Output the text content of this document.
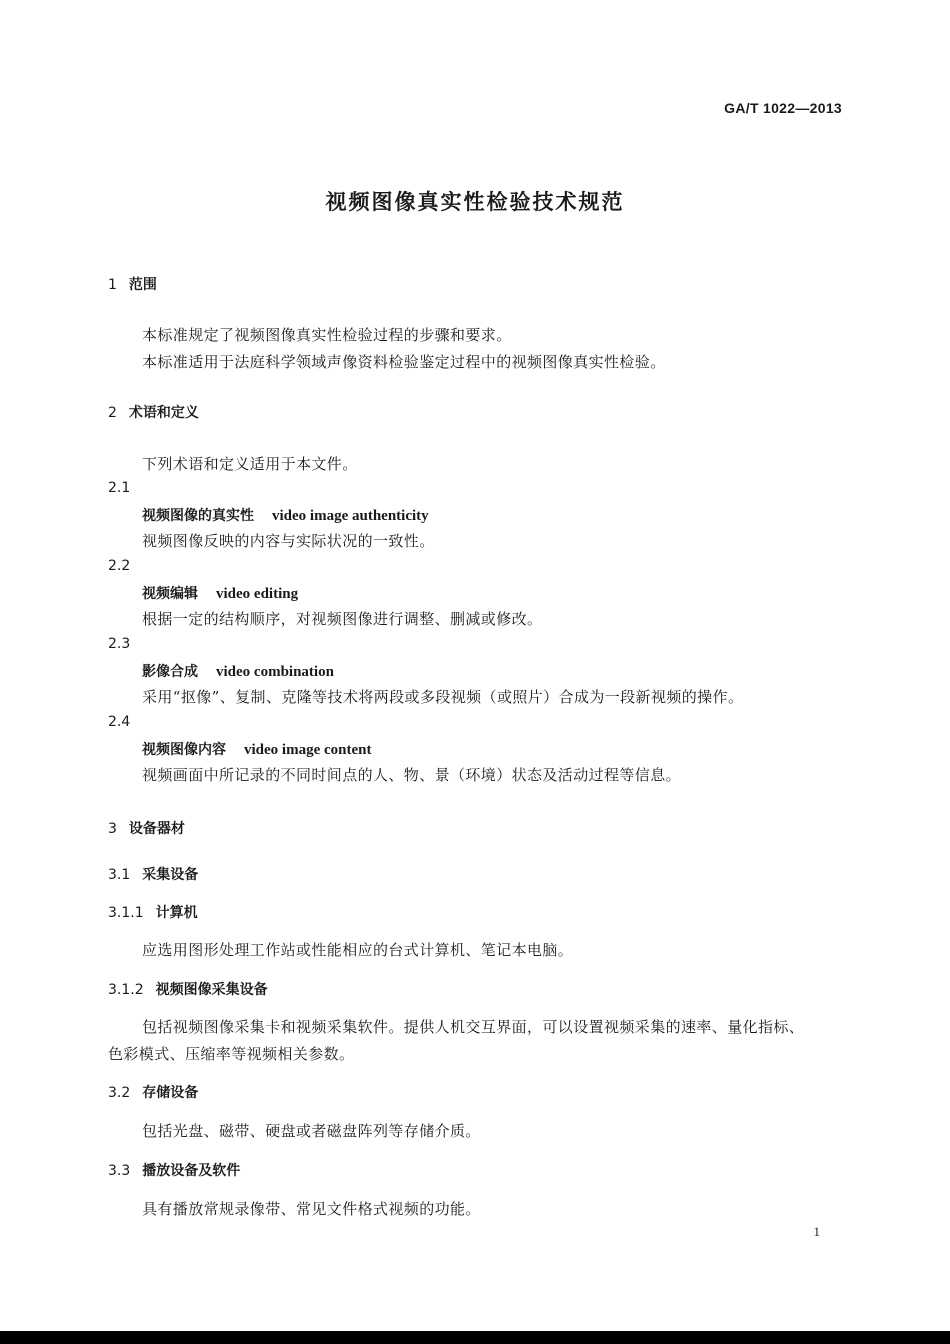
GA/T 1022—2013
视频图像真实性检验技术规范
1 范围
本标准规定了视频图像真实性检验过程的步骤和要求。
本标准适用于法庭科学领域声像资料检验鉴定过程中的视频图像真实性检验。
2 术语和定义
下列术语和定义适用于本文件。
2.1
视频图像的真实性 video image authenticity
视频图像反映的内容与实际状况的一致性。
2.2
视频编辑 video editing
根据一定的结构顺序，对视频图像进行调整、删减或修改。
2.3
影像合成 video combination
采用“抠像”、复制、克隆等技术将两段或多段视频（或照片）合成为一段新视频的操作。
2.4
视频图像内容 video image content
视频画面中所记录的不同时间点的人、物、景（环境）状态及活动过程等信息。
3 设备器材
3.1 采集设备
3.1.1 计算机
应选用图形处理工作站或性能相应的台式计算机、笔记本电脑。
3.1.2 视频图像采集设备
包括视频图像采集卡和视频采集软件。提供人机交互界面，可以设置视频采集的速率、量化指标、
色彩模式、压缩率等视频相关参数。
3.2 存储设备
包括光盘、磁带、硬盘或者磁盘阵列等存储介质。
3.3 播放设备及软件
具有播放常规录像带、常见文件格式视频的功能。
1
